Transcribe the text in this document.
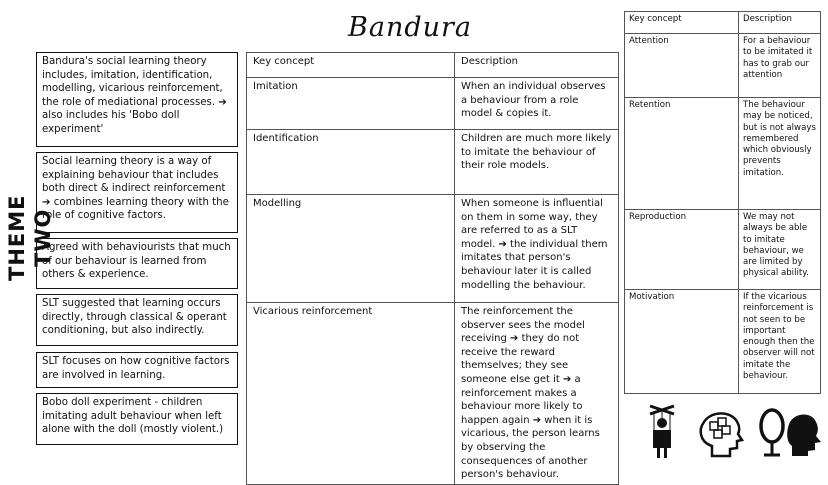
THEME TWO
Bandura
Bandura's social learning theory includes, imitation, identification, modelling, vicarious reinforcement, the role of mediational processes. ➔ also includes his 'Bobo doll experiment'
Social learning theory is a way of explaining behaviour that includes both direct & indirect reinforcement ➔ combines learning theory with the role of cognitive factors.
Agreed with behaviourists that much of our behaviour is learned from others & experience.
SLT suggested that learning occurs directly, through classical & operant conditioning, but also indirectly.
SLT focuses on how cognitive factors are involved in learning.
Bobo doll experiment - children imitating adult behaviour when left alone with the doll (mostly violent.)
Key concept	Description
Imitation	When an individual observes a behaviour from a role model & copies it.
Identification	Children are much more likely to imitate the behaviour of their role models.
Modelling	When someone is influential on them in some way, they are referred to as a SLT model. ➔ the individual them imitates that person's behaviour later it is called modelling the behaviour.
Vicarious reinforcement	The reinforcement the observer sees the model receiving ➔ they do not receive the reward themselves; they see someone else get it ➔ a reinforcement makes a behaviour more likely to happen again ➔ when it is vicarious, the person learns by observing the consequences of another person's behaviour.
Key concept	Description
Attention	For a behaviour to be imitated it has to grab our attention
Retention	The behaviour may be noticed, but is not always remembered which obviously prevents imitation.
Reproduction	We may not always be able to imitate behaviour, we are limited by physical ability.
Motivation	If the vicarious reinforcement is not seen to be important enough then the observer will not imitate the behaviour.
